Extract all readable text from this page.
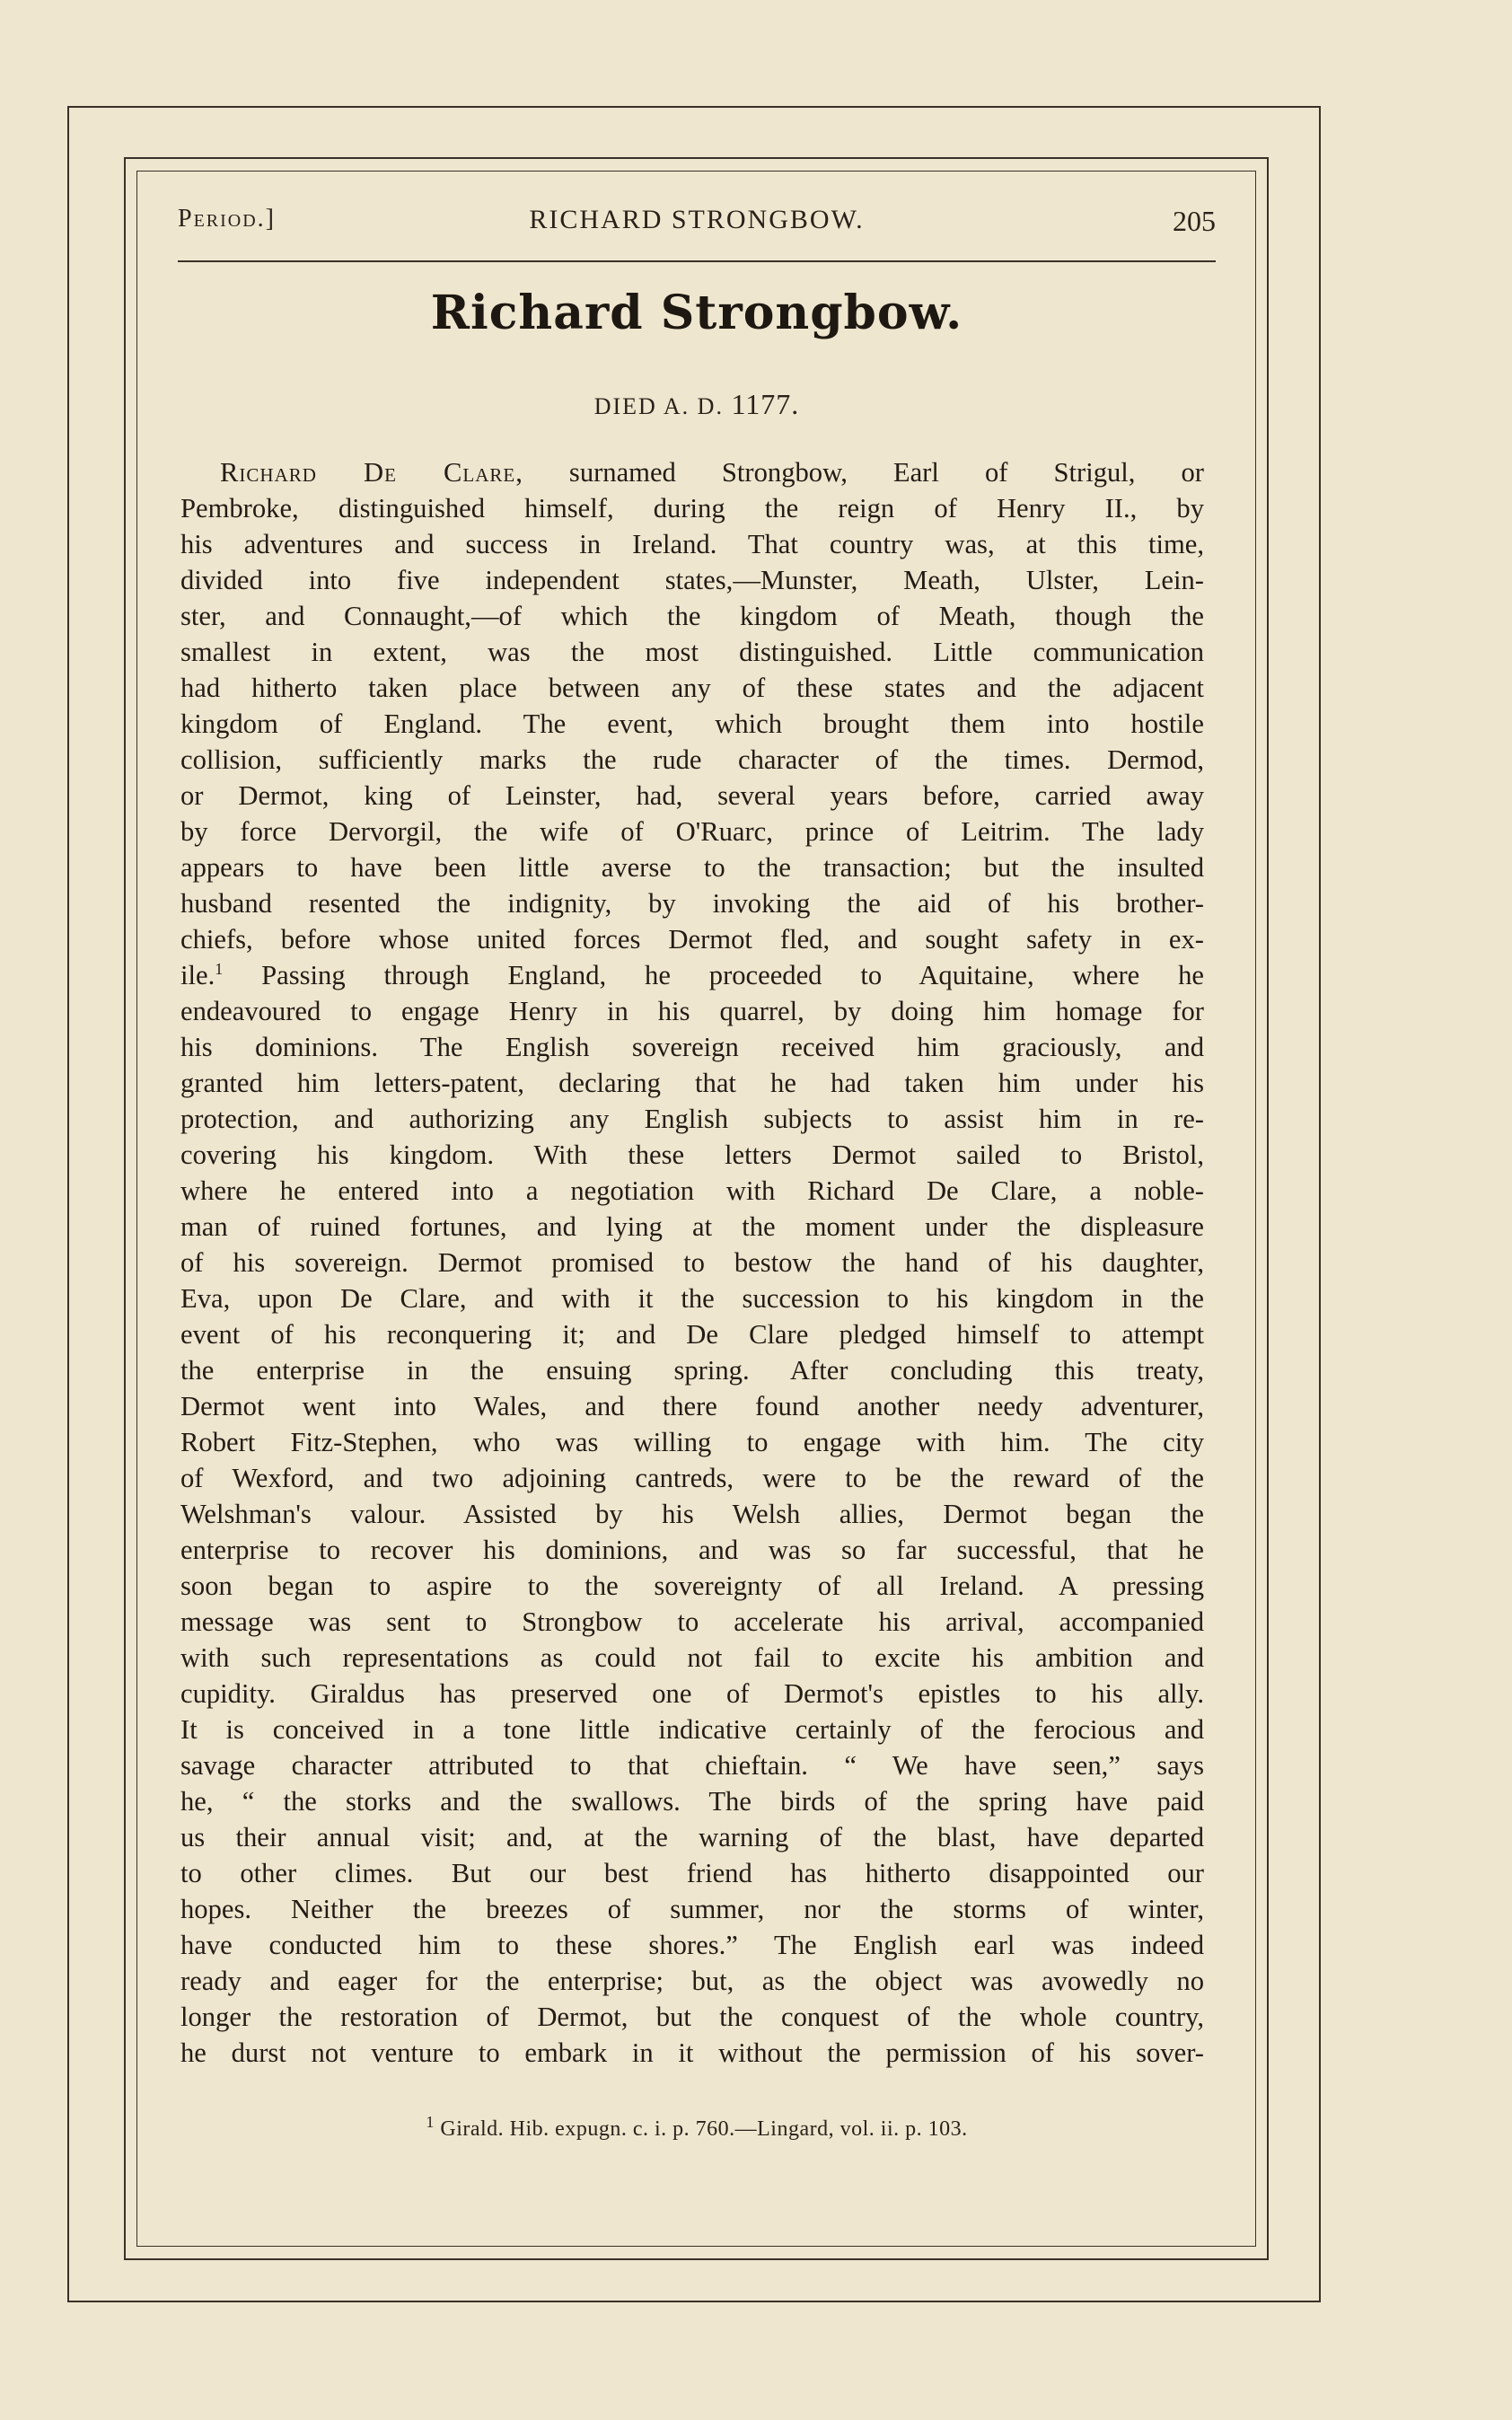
Period.]	RICHARD STRONGBOW.	205
Richard Strongbow.
DIED A. D. 1177.
Richard De Clare, surnamed Strongbow, Earl of Strigul, or
Pembroke, distinguished himself, during the reign of Henry II., by
his adventures and success in Ireland. That country was, at this time,
divided into five independent states,—Munster, Meath, Ulster, Lein-
ster, and Connaught,—of which the kingdom of Meath, though the
smallest in extent, was the most distinguished. Little communication
had hitherto taken place between any of these states and the adjacent
kingdom of England. The event, which brought them into hostile
collision, sufficiently marks the rude character of the times. Dermod,
or Dermot, king of Leinster, had, several years before, carried away
by force Dervorgil, the wife of O'Ruarc, prince of Leitrim. The lady
appears to have been little averse to the transaction; but the insulted
husband resented the indignity, by invoking the aid of his brother-
chiefs, before whose united forces Dermot fled, and sought safety in ex-
ile.$^1$ Passing through England, he proceeded to Aquitaine, where he
endeavoured to engage Henry in his quarrel, by doing him homage for
his dominions. The English sovereign received him graciously, and
granted him letters-patent, declaring that he had taken him under his
protection, and authorizing any English subjects to assist him in re-
covering his kingdom. With these letters Dermot sailed to Bristol,
where he entered into a negotiation with Richard De Clare, a noble-
man of ruined fortunes, and lying at the moment under the displeasure
of his sovereign. Dermot promised to bestow the hand of his daughter,
Eva, upon De Clare, and with it the succession to his kingdom in the
event of his reconquering it; and De Clare pledged himself to attempt
the enterprise in the ensuing spring. After concluding this treaty,
Dermot went into Wales, and there found another needy adventurer,
Robert Fitz-Stephen, who was willing to engage with him. The city
of Wexford, and two adjoining cantreds, were to be the reward of the
Welshman's valour. Assisted by his Welsh allies, Dermot began the
enterprise to recover his dominions, and was so far successful, that he
soon began to aspire to the sovereignty of all Ireland. A pressing
message was sent to Strongbow to accelerate his arrival, accompanied
with such representations as could not fail to excite his ambition and
cupidity. Giraldus has preserved one of Dermot's epistles to his ally.
It is conceived in a tone little indicative certainly of the ferocious and
savage character attributed to that chieftain. “ We have seen,” says
he, “ the storks and the swallows. The birds of the spring have paid
us their annual visit; and, at the warning of the blast, have departed
to other climes. But our best friend has hitherto disappointed our
hopes. Neither the breezes of summer, nor the storms of winter,
have conducted him to these shores.” The English earl was indeed
ready and eager for the enterprise; but, as the object was avowedly no
longer the restoration of Dermot, but the conquest of the whole country,
he durst not venture to embark in it without the permission of his sover-
$^1$ Girald. Hib. expugn. c. i. p. 760.—Lingard, vol. ii. p. 103.
